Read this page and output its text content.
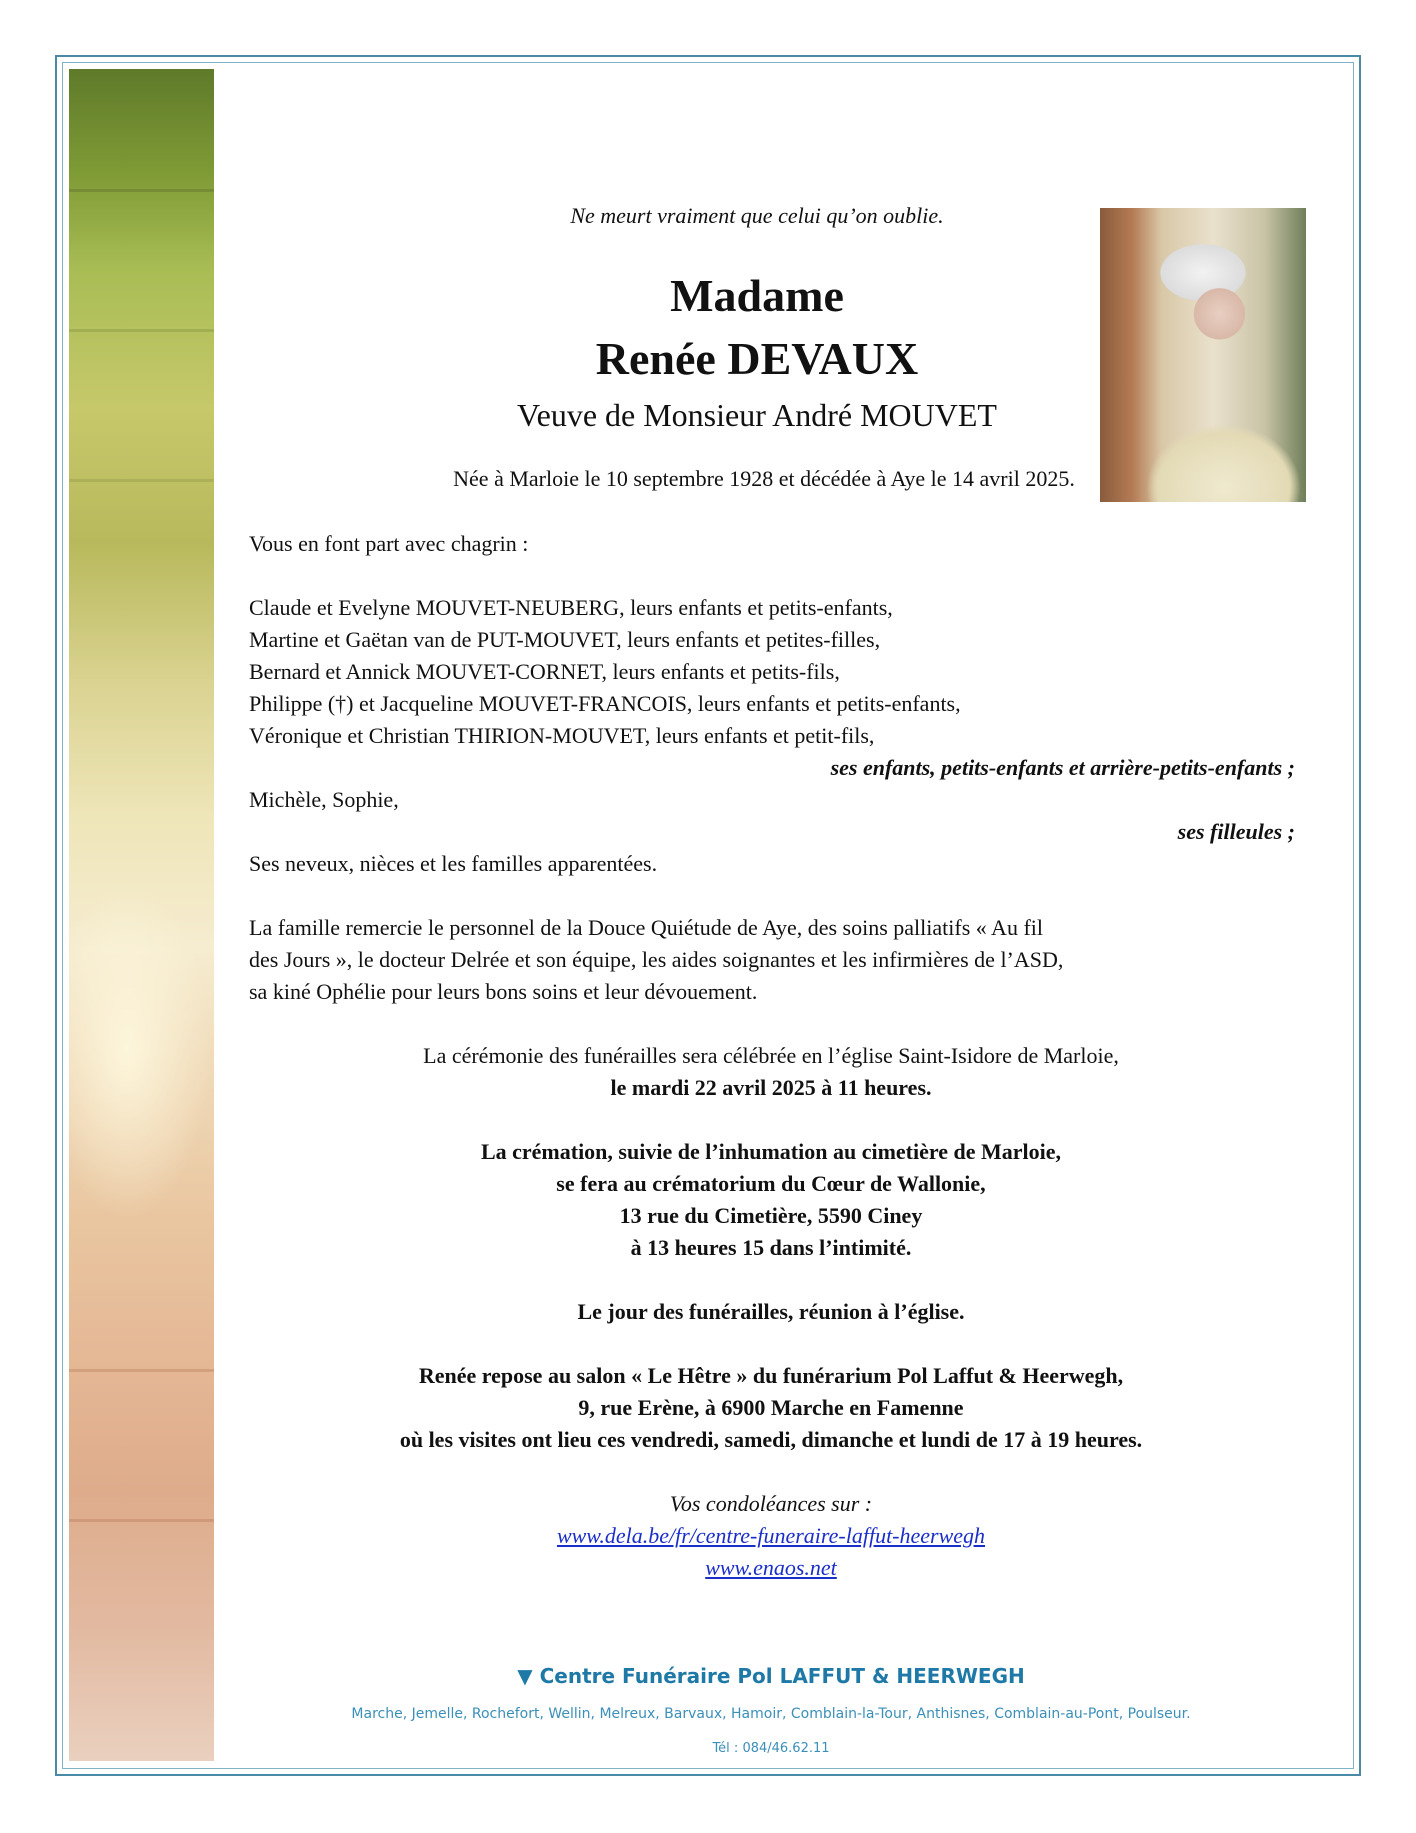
Ne meurt vraiment que celui qu’on oublie.
Madame
Renée DEVAUX
Veuve de Monsieur André MOUVET
Née à Marloie le 10 septembre 1928 et décédée à Aye le 14 avril 2025.
Vous en font part avec chagrin :
Claude et Evelyne MOUVET-NEUBERG, leurs enfants et petits-enfants,
Martine et Gaëtan van de PUT-MOUVET, leurs enfants et petites-filles,
Bernard et Annick MOUVET-CORNET, leurs enfants et petits-fils,
Philippe (†) et Jacqueline MOUVET-FRANCOIS, leurs enfants et petits-enfants,
Véronique et Christian THIRION-MOUVET, leurs enfants et petit-fils,
ses enfants, petits-enfants et arrière-petits-enfants ;
Michèle, Sophie,
ses filleules ;
Ses neveux, nièces et les familles apparentées.
La famille remercie le personnel de la Douce Quiétude de Aye, des soins palliatifs « Au fil
des Jours », le docteur Delrée et son équipe, les aides soignantes et les infirmières de l’ASD,
sa kiné Ophélie pour leurs bons soins et leur dévouement.
La cérémonie des funérailles sera célébrée en l’église Saint-Isidore de Marloie,
le mardi 22 avril 2025 à 11 heures.
La crémation, suivie de l’inhumation au cimetière de Marloie,
se fera au crématorium du Cœur de Wallonie,
13 rue du Cimetière, 5590 Ciney
à 13 heures 15 dans l’intimité.
Le jour des funérailles, réunion à l’église.
Renée repose au salon « Le Hêtre » du funérarium Pol Laffut & Heerwegh,
9, rue Erène, à 6900 Marche en Famenne
où les visites ont lieu ces vendredi, samedi, dimanche et lundi de 17 à 19 heures.
Vos condoléances sur :
www.dela.be/fr/centre-funeraire-laffut-heerwegh
www.enaos.net
▼ Centre Funéraire Pol LAFFUT & HEERWEGH
Marche, Jemelle, Rochefort, Wellin, Melreux, Barvaux, Hamoir, Comblain-la-Tour, Anthisnes, Comblain-au-Pont, Poulseur.
Tél : 084/46.62.11
